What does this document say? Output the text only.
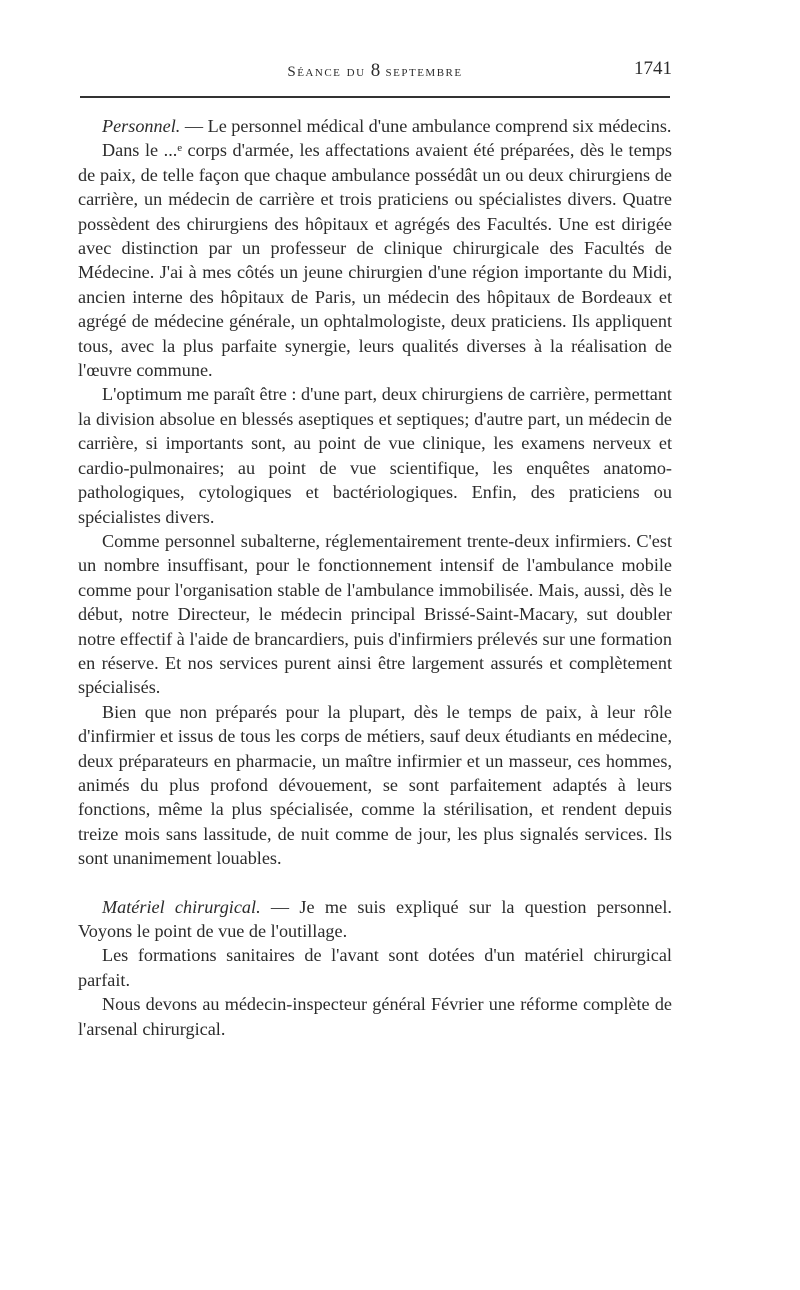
Séance du 8 septembre	1741

Personnel. — Le personnel médical d'une ambulance comprend six médecins.

Dans le ...ᵉ corps d'armée, les affectations avaient été préparées, dès le temps de paix, de telle façon que chaque ambulance possédât un ou deux chirurgiens de carrière, un médecin de carrière et trois praticiens ou spécialistes divers. Quatre possèdent des chirurgiens des hôpitaux et agrégés des Facultés. Une est dirigée avec distinction par un professeur de clinique chirurgicale des Facultés de Médecine. J'ai à mes côtés un jeune chirurgien d'une région importante du Midi, ancien interne des hôpitaux de Paris, un médecin des hôpitaux de Bordeaux et agrégé de médecine générale, un ophtalmologiste, deux praticiens. Ils appliquent tous, avec la plus parfaite synergie, leurs qualités diverses à la réalisation de l'œuvre commune.

L'optimum me paraît être : d'une part, deux chirurgiens de carrière, permettant la division absolue en blessés aseptiques et septiques; d'autre part, un médecin de carrière, si importants sont, au point de vue clinique, les examens nerveux et cardio-pulmonaires; au point de vue scientifique, les enquêtes anatomo-pathologiques, cytologiques et bactériologiques. Enfin, des praticiens ou spécialistes divers.

Comme personnel subalterne, réglementairement trente-deux infirmiers. C'est un nombre insuffisant, pour le fonctionnement intensif de l'ambulance mobile comme pour l'organisation stable de l'ambulance immobilisée. Mais, aussi, dès le début, notre Directeur, le médecin principal Brissé-Saint-Macary, sut doubler notre effectif à l'aide de brancardiers, puis d'infirmiers prélevés sur une formation en réserve. Et nos services purent ainsi être largement assurés et complètement spécialisés.

Bien que non préparés pour la plupart, dès le temps de paix, à leur rôle d'infirmier et issus de tous les corps de métiers, sauf deux étudiants en médecine, deux préparateurs en pharmacie, un maître infirmier et un masseur, ces hommes, animés du plus profond dévouement, se sont parfaitement adaptés à leurs fonctions, même la plus spécialisée, comme la stérilisation, et rendent depuis treize mois sans lassitude, de nuit comme de jour, les plus signalés services. Ils sont unanimement louables.

Matériel chirurgical. — Je me suis expliqué sur la question personnel. Voyons le point de vue de l'outillage.

Les formations sanitaires de l'avant sont dotées d'un matériel chirurgical parfait.

Nous devons au médecin-inspecteur général Février une réforme complète de l'arsenal chirurgical.
